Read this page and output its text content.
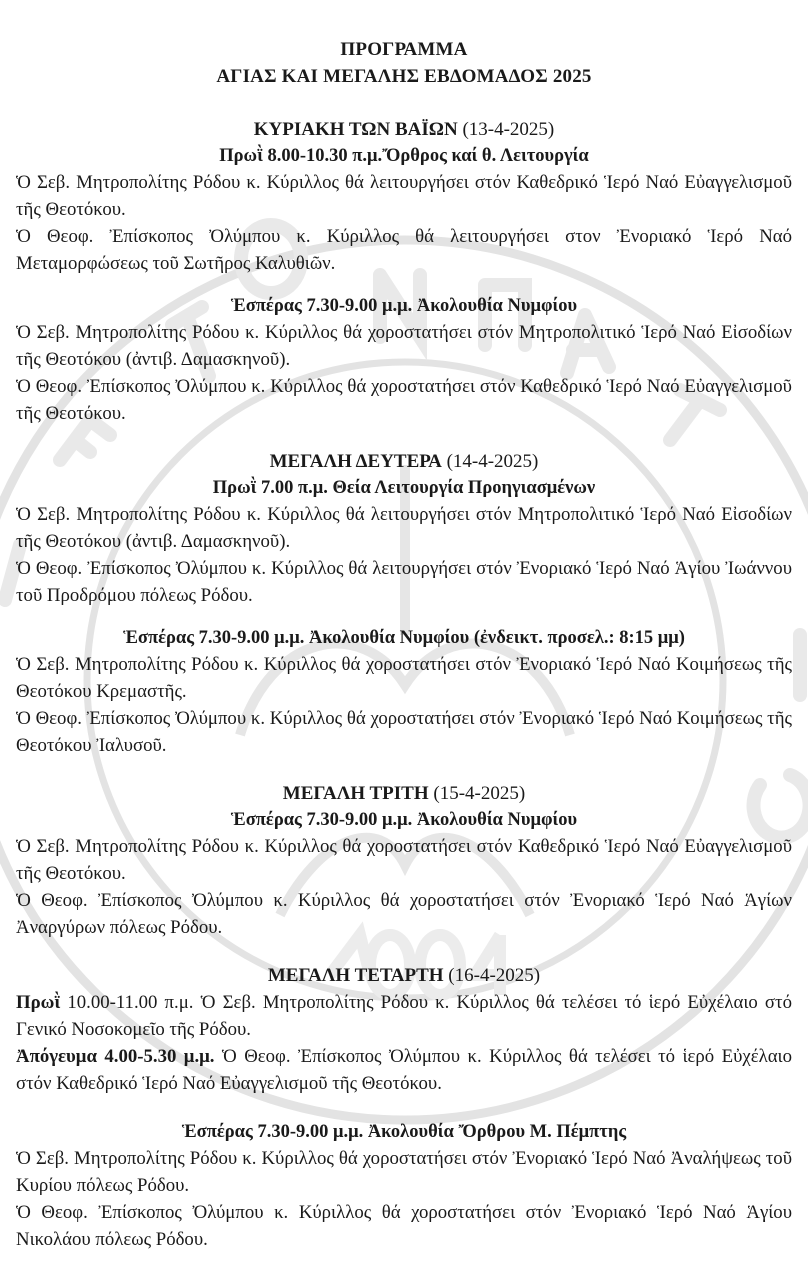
ΠΡΟΓΡΑΜΜΑ
ΑΓΙΑΣ ΚΑΙ ΜΕΓΑΛΗΣ ΕΒΔΟΜΑΔΟΣ 2025
ΚΥΡΙΑΚΗ ΤΩΝ ΒΑΪΩΝ (13-4-2025)
Πρωῒ 8.00-10.30 π.μ.Ὄρθρος καί θ. Λειτουργία
Ὁ Σεβ. Μητροπολίτης Ρόδου κ. Κύριλλος θά λειτουργήσει στόν Καθεδρικό Ἱερό Ναό Εὐαγγελισμοῦ τῆς Θεοτόκου.
Ὁ Θεοφ. Ἐπίσκοπος Ὀλύμπου κ. Κύριλλος θά λειτουργήσει στον Ἐνοριακό Ἱερό Ναό Μεταμορφώσεως τοῦ Σωτῆρος Καλυθιῶν.
Ἑσπέρας 7.30-9.00 μ.μ. Ἀκολουθία Νυμφίου
Ὁ Σεβ. Μητροπολίτης Ρόδου κ. Κύριλλος θά χοροστατήσει στόν Μητροπολιτικό Ἱερό Ναό Εἰσοδίων τῆς Θεοτόκου (ἀντιβ. Δαμασκηνοῦ).
Ὁ Θεοφ. Ἐπίσκοπος Ὀλύμπου κ. Κύριλλος θά χοροστατήσει στόν Καθεδρικό Ἱερό Ναό Εὐαγγελισμοῦ τῆς Θεοτόκου.
ΜΕΓΑΛΗ ΔΕΥΤΕΡΑ (14-4-2025)
Πρωῒ 7.00 π.μ. Θεία Λειτουργία Προηγιασμένων
Ὁ Σεβ. Μητροπολίτης Ρόδου κ. Κύριλλος θά λειτουργήσει στόν Μητροπολιτικό Ἱερό Ναό Εἰσοδίων τῆς Θεοτόκου (ἀντιβ. Δαμασκηνοῦ).
Ὁ Θεοφ. Ἐπίσκοπος Ὀλύμπου κ. Κύριλλος θά λειτουργήσει στόν Ἐνοριακό Ἱερό Ναό Ἁγίου Ἰωάννου τοῦ Προδρόμου πόλεως Ρόδου.
Ἑσπέρας 7.30-9.00 μ.μ. Ἀκολουθία Νυμφίου (ἐνδεικτ. προσελ.: 8:15 μμ)
Ὁ Σεβ. Μητροπολίτης Ρόδου κ. Κύριλλος θά χοροστατήσει στόν Ἐνοριακό Ἱερό Ναό Κοιμήσεως τῆς Θεοτόκου Κρεμαστῆς.
Ὁ Θεοφ. Ἐπίσκοπος Ὀλύμπου κ. Κύριλλος θά χοροστατήσει στόν Ἐνοριακό Ἱερό Ναό Κοιμήσεως τῆς Θεοτόκου Ἰαλυσοῦ.
ΜΕΓΑΛΗ ΤΡΙΤΗ (15-4-2025)
Ἑσπέρας 7.30-9.00 μ.μ. Ἀκολουθία Νυμφίου
Ὁ Σεβ. Μητροπολίτης Ρόδου κ. Κύριλλος θά χοροστατήσει στόν Καθεδρικό Ἱερό Ναό Εὐαγγελισμοῦ τῆς Θεοτόκου.
Ὁ Θεοφ. Ἐπίσκοπος Ὀλύμπου κ. Κύριλλος θά χοροστατήσει στόν Ἐνοριακό Ἱερό Ναό Ἁγίων Ἀναργύρων πόλεως Ρόδου.
ΜΕΓΑΛΗ ΤΕΤΑΡΤΗ (16-4-2025)
Πρωῒ 10.00-11.00 π.μ. Ὁ Σεβ. Μητροπολίτης Ρόδου κ. Κύριλλος θά τελέσει τό ἱερό Εὐχέλαιο στό Γενικό Νοσοκομεῖο τῆς Ρόδου.
Ἀπόγευμα 4.00-5.30 μ.μ. Ὁ Θεοφ. Ἐπίσκοπος Ὀλύμπου κ. Κύριλλος θά τελέσει τό ἱερό Εὐχέλαιο στόν Καθεδρικό Ἱερό Ναό Εὐαγγελισμοῦ τῆς Θεοτόκου.
Ἑσπέρας 7.30-9.00 μ.μ. Ἀκολουθία Ὄρθρου Μ. Πέμπτης
Ὁ Σεβ. Μητροπολίτης Ρόδου κ. Κύριλλος θά χοροστατήσει στόν Ἐνοριακό Ἱερό Ναό Ἀναλήψεως τοῦ Κυρίου πόλεως Ρόδου.
Ὁ Θεοφ. Ἐπίσκοπος Ὀλύμπου κ. Κύριλλος θά χοροστατήσει στόν Ἐνοριακό Ἱερό Ναό Ἁγίου Νικολάου πόλεως Ρόδου.
